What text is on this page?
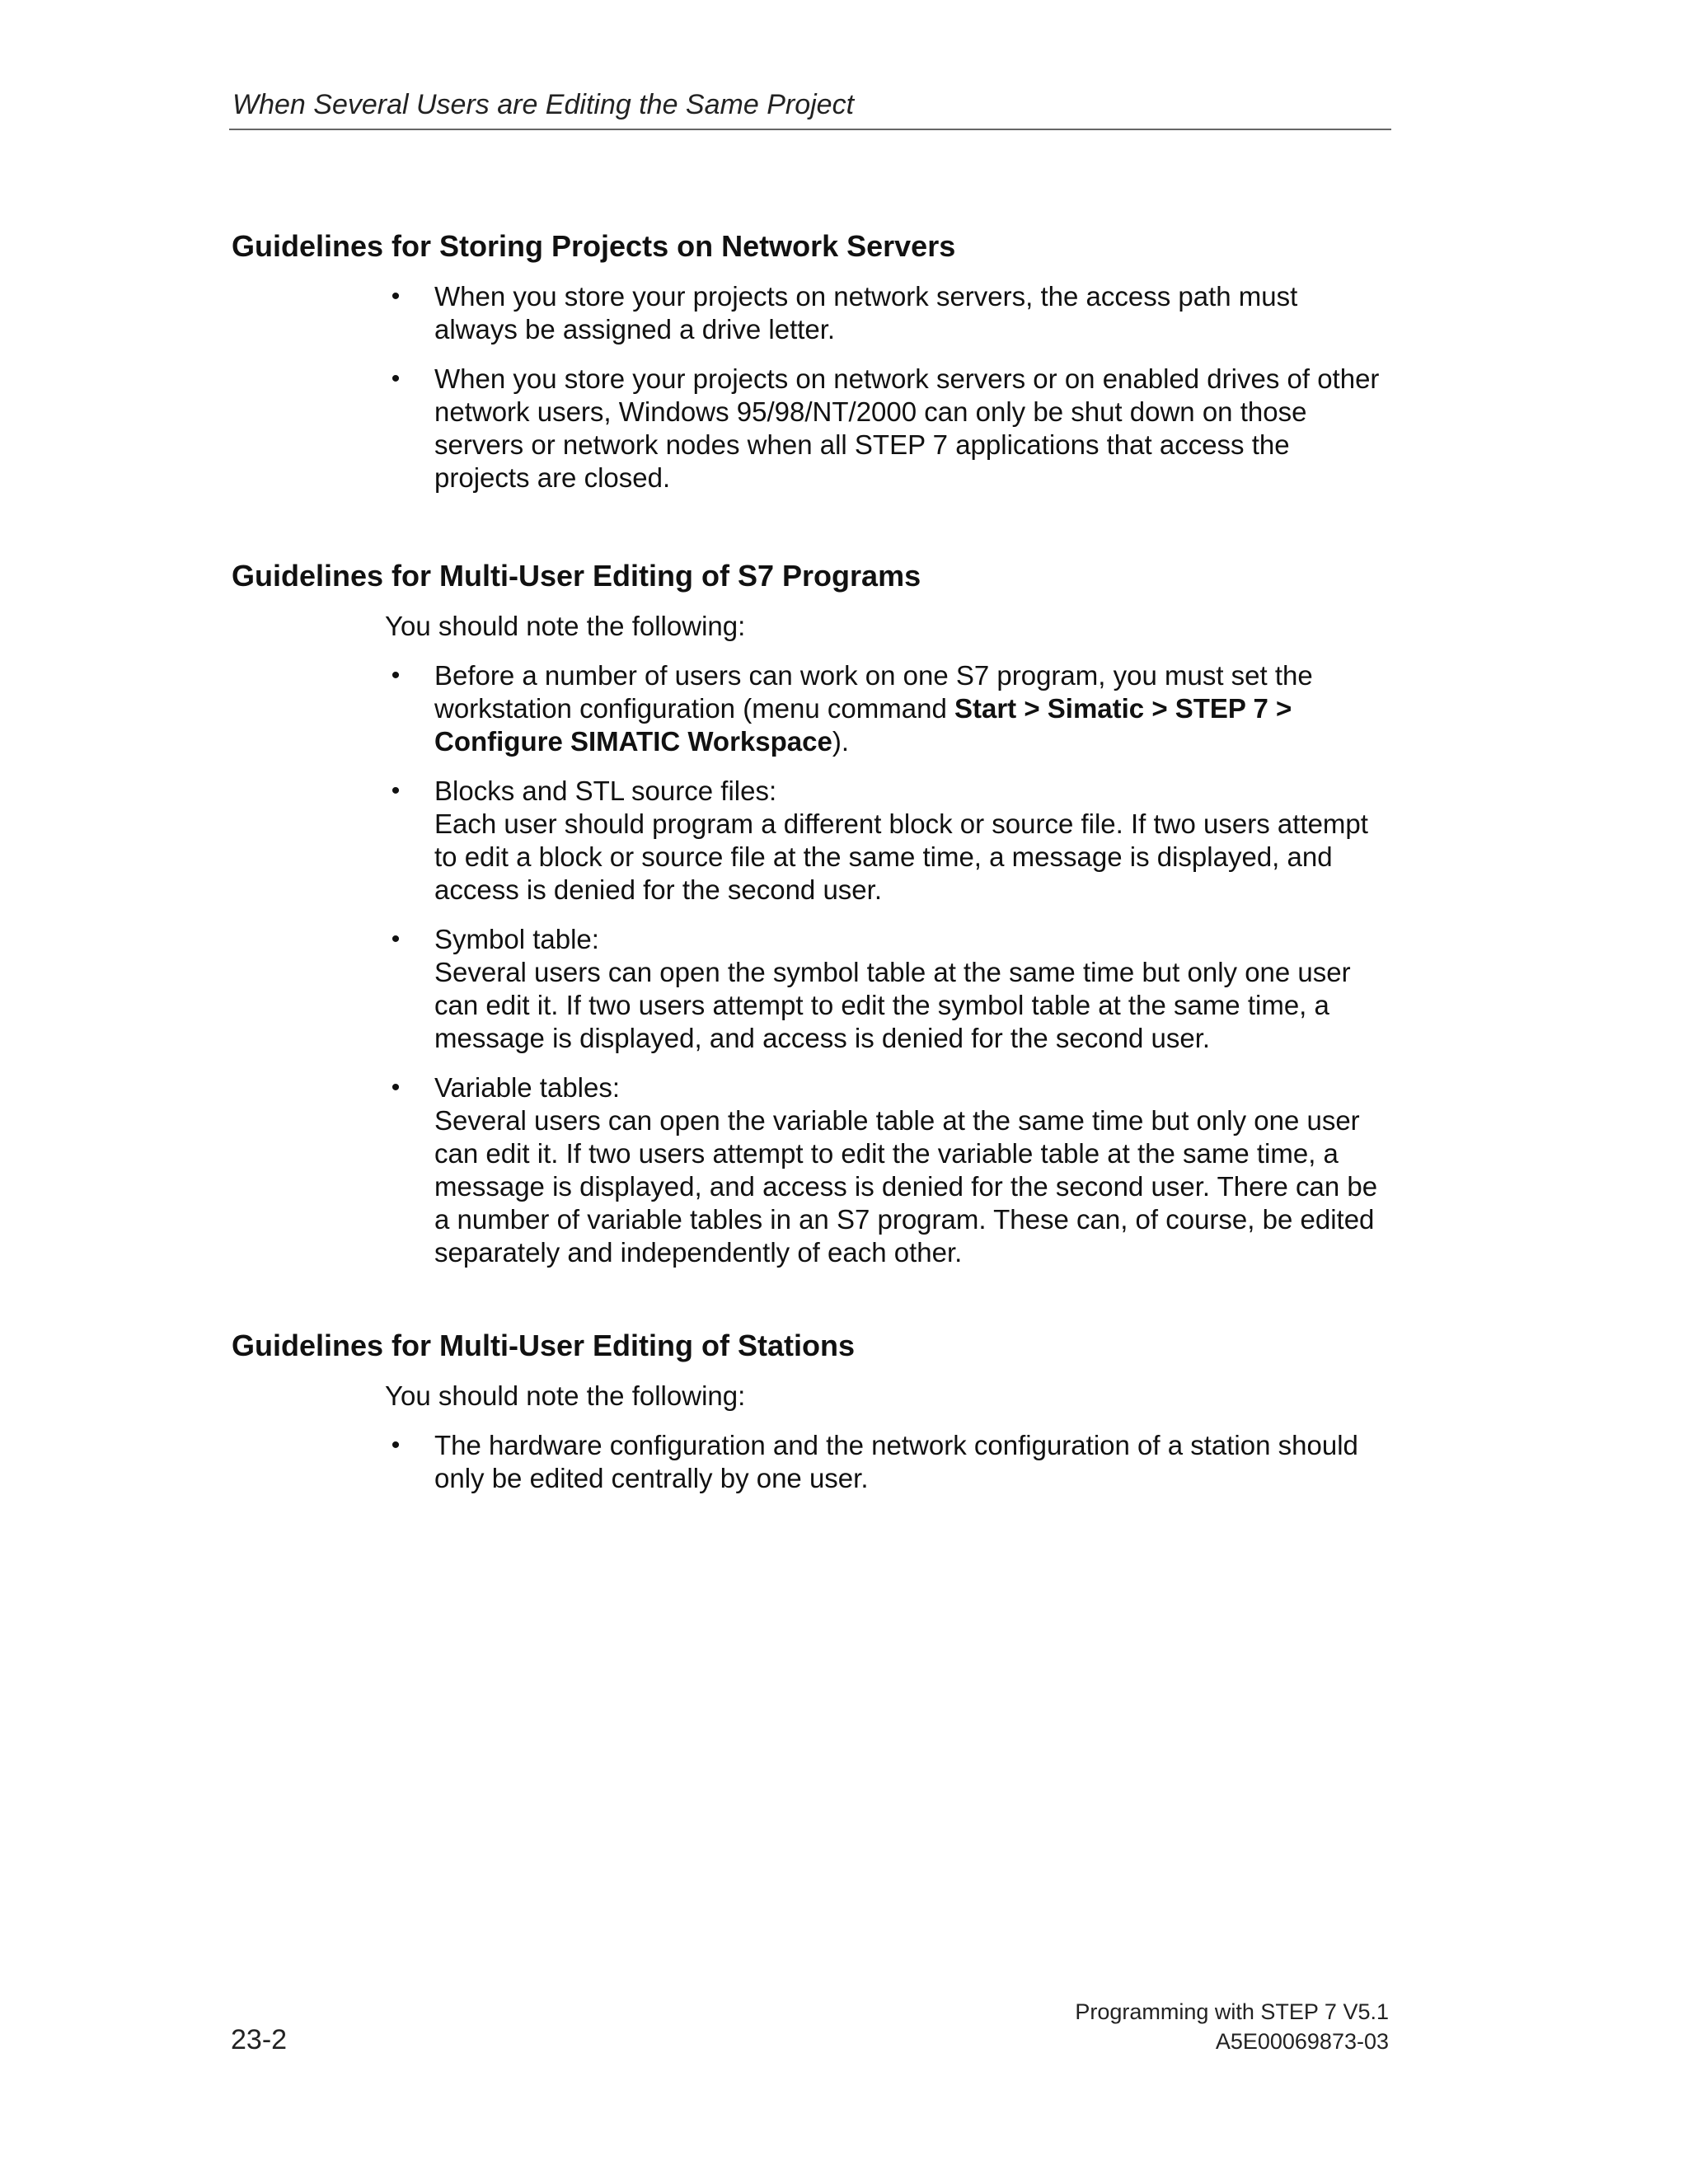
When Several Users are Editing the Same Project
Guidelines for Storing Projects on Network Servers
• When you store your projects on network servers, the access path must
always be assigned a drive letter.
• When you store your projects on network servers or on enabled drives of other
network users, Windows 95/98/NT/2000 can only be shut down on those
servers or network nodes when all STEP 7 applications that access the
projects are closed.
Guidelines for Multi-User Editing of S7 Programs

You should note the following:

• Before a number of users can work on one S7 program, you must set the
workstation configuration (menu command Start > Simatic > STEP 7 >
Configure SIMATIC Workspace).
• Blocks and STL source files:
Each user should program a different block or source file. If two users attempt
to edit a block or source file at the same time, a message is displayed, and
access is denied for the second user.
• Symbol table:
Several users can open the symbol table at the same time but only one user
can edit it. If two users attempt to edit the symbol table at the same time, a
message is displayed, and access is denied for the second user.
• Variable tables:
Several users can open the variable table at the same time but only one user
can edit it. If two users attempt to edit the variable table at the same time, a
message is displayed, and access is denied for the second user. There can be
a number of variable tables in an S7 program. These can, of course, be edited
separately and independently of each other.
Guidelines for Multi-User Editing of Stations

You should note the following:

• The hardware configuration and the network configuration of a station should
only be edited centrally by one user.
Programming with STEP 7 V5.1
A5E00069873-03
23-2
